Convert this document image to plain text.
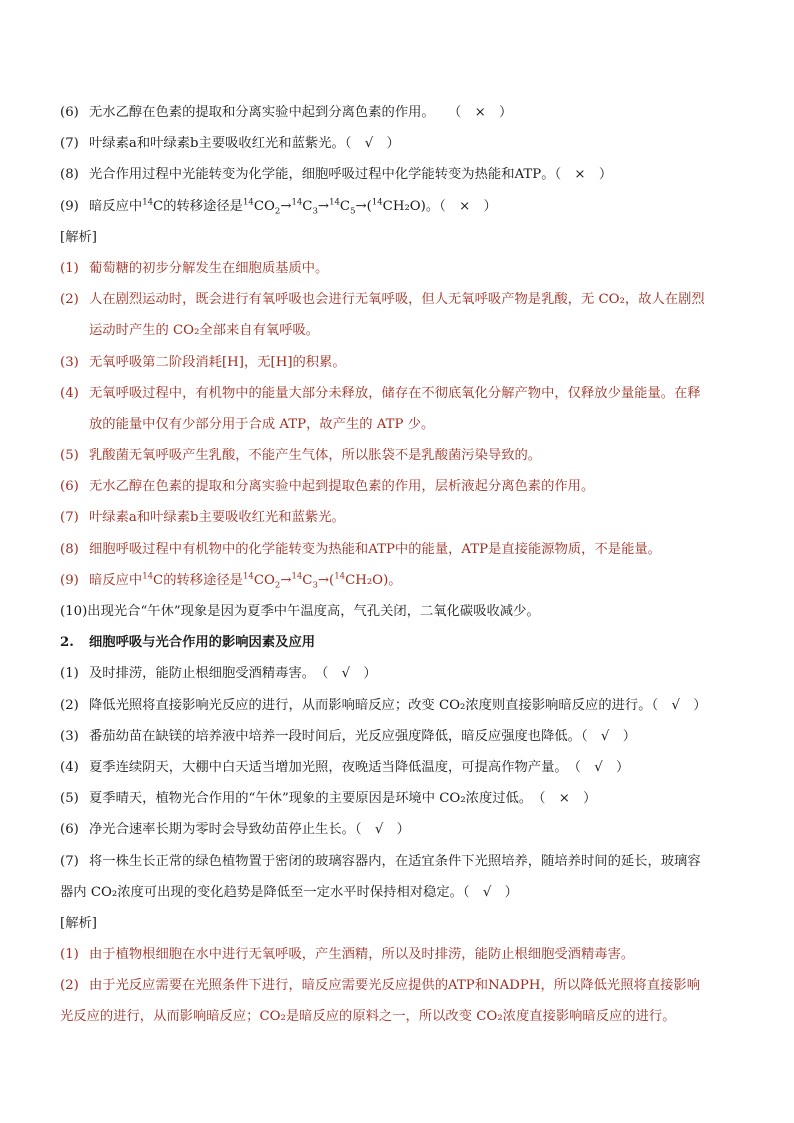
(6) 无水乙醇在色素的提取和分离实验中起到分离色素的作用。　　（　×　）
(7) 叶绿素a和叶绿素b主要吸收红光和蓝紫光。（　√　）
(8) 光合作用过程中光能转变为化学能，细胞呼吸过程中化学能转变为热能和ATP。（　×　）
(9) 暗反应中$^{14}$C的转移途径是$^{14}CO_2\to^{14}C_3\to^{14}C_5\to(^{14}CH_2O)$。（　×　）
[解析]
(1) 葡萄糖的初步分解发生在细胞质基质中。
(2) 人在剧烈运动时，既会进行有氧呼吸也会进行无氧呼吸，但人无氧呼吸产物是乳酸，无 CO₂，故人在剧烈
运动时产生的 CO₂全部来自有氧呼吸。
(3) 无氧呼吸第二阶段消耗[H]，无[H]的积累。
(4) 无氧呼吸过程中，有机物中的能量大部分未释放，储存在不彻底氧化分解产物中，仅释放少量能量。在释
放的能量中仅有少部分用于合成 ATP，故产生的 ATP 少。
(5) 乳酸菌无氧呼吸产生乳酸，不能产生气体，所以胀袋不是乳酸菌污染导致的。
(6) 无水乙醇在色素的提取和分离实验中起到提取色素的作用，层析液起分离色素的作用。
(7) 叶绿素a和叶绿素b主要吸收红光和蓝紫光。
(8) 细胞呼吸过程中有机物中的化学能转变为热能和ATP中的能量，ATP是直接能源物质，不是能量。
(9) 暗反应中$^{14}$C的转移途径是$^{14}CO_2\to^{14}C_3\to(^{14}CH_2O)$。
(10)出现光合“午休”现象是因为夏季中午温度高，气孔关闭，二氧化碳吸收减少。
2. 细胞呼吸与光合作用的影响因素及应用
(1) 及时排涝，能防止根细胞受酒精毒害。　（　√　）
(2) 降低光照将直接影响光反应的进行，从而影响暗反应；改变 CO₂浓度则直接影响暗反应的进行。（　√　）
(3) 番茄幼苗在缺镁的培养液中培养一段时间后，光反应强度降低，暗反应强度也降低。（　√　）
(4) 夏季连续阴天，大棚中白天适当增加光照，夜晚适当降低温度，可提高作物产量。　（　√　）
(5) 夏季晴天，植物光合作用的“午休”现象的主要原因是环境中 CO₂浓度过低。　（　×　）
(6) 净光合速率长期为零时会导致幼苗停止生长。（　√　）
(7) 将一株生长正常的绿色植物置于密闭的玻璃容器内，在适宜条件下光照培养，随培养时间的延长，玻璃容
器内 CO₂浓度可出现的变化趋势是降低至一定水平时保持相对稳定。（　√　）
[解析]
(1) 由于植物根细胞在水中进行无氧呼吸，产生酒精，所以及时排涝，能防止根细胞受酒精毒害。
(2) 由于光反应需要在光照条件下进行，暗反应需要光反应提供的ATP和NADPH，所以降低光照将直接影响
光反应的进行，从而影响暗反应；CO₂是暗反应的原料之一，所以改变 CO₂浓度直接影响暗反应的进行。
